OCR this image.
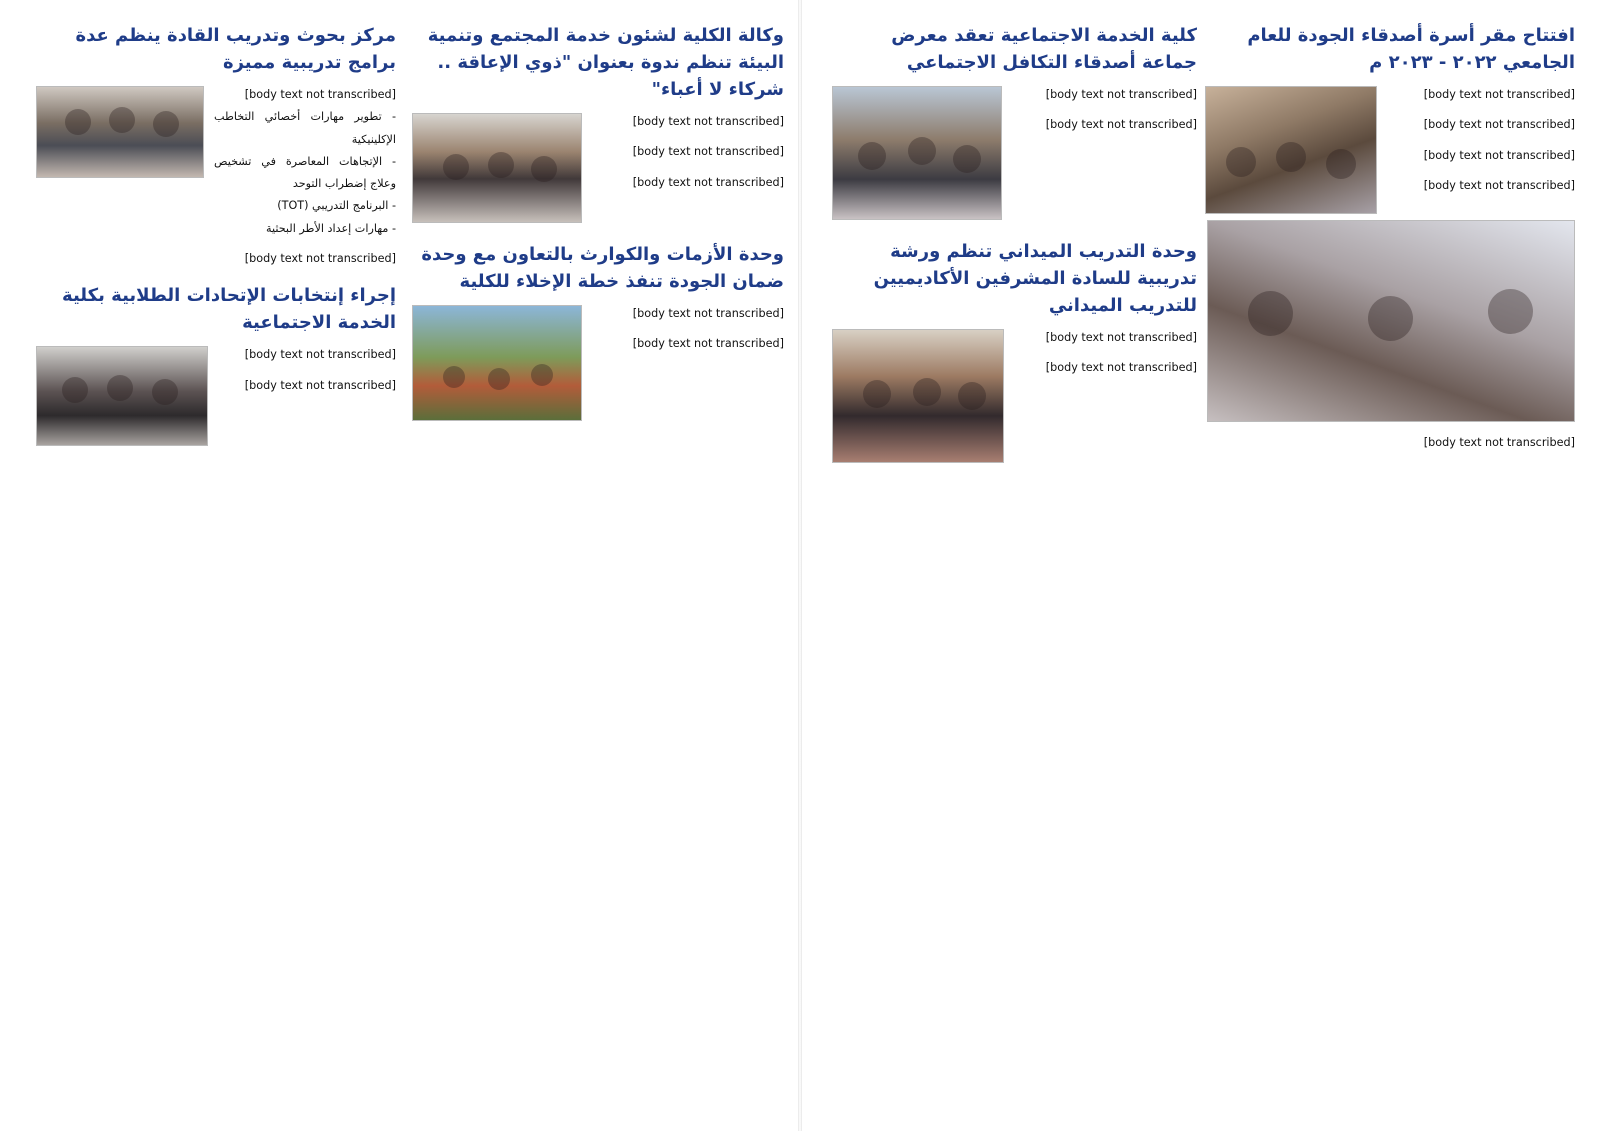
افتتاح مقر أسرة أصدقاء الجودة للعام الجامعي ٢٠٢٢ - ٢٠٢٣ م

[body text not transcribed]

[body text not transcribed]

[body text not transcribed]

[body text not transcribed]

[body text not transcribed]

كلية الخدمة الاجتماعية تعقد معرض جماعة أصدقاء التكافل الاجتماعي

[body text not transcribed]

[body text not transcribed]

وحدة التدريب الميداني تنظم ورشة تدريبية للسادة المشرفين الأكاديميين للتدريب الميداني

[body text not transcribed]

[body text not transcribed]

وكالة الكلية لشئون خدمة المجتمع وتنمية البيئة تنظم ندوة بعنوان "ذوي الإعاقة .. شركاء لا أعباء"

[body text not transcribed]

[body text not transcribed]

[body text not transcribed]

وحدة الأزمات والكوارث بالتعاون مع وحدة ضمان الجودة تنفذ خطة الإخلاء للكلية

[body text not transcribed]

[body text not transcribed]

مركز بحوث وتدريب القادة ينظم عدة برامج تدريبية مميزة

[body text not transcribed]

- تطوير مهارات أخصائي التخاطب الإكلينيكية

- الإتجاهات المعاصرة في تشخيص وعلاج إضطراب التوحد

- البرنامج التدريبي (TOT)

- مهارات إعداد الأطر البحثية

[body text not transcribed]

إجراء إنتخابات الإتحادات الطلابية بكلية الخدمة الاجتماعية

[body text not transcribed]

[body text not transcribed]
